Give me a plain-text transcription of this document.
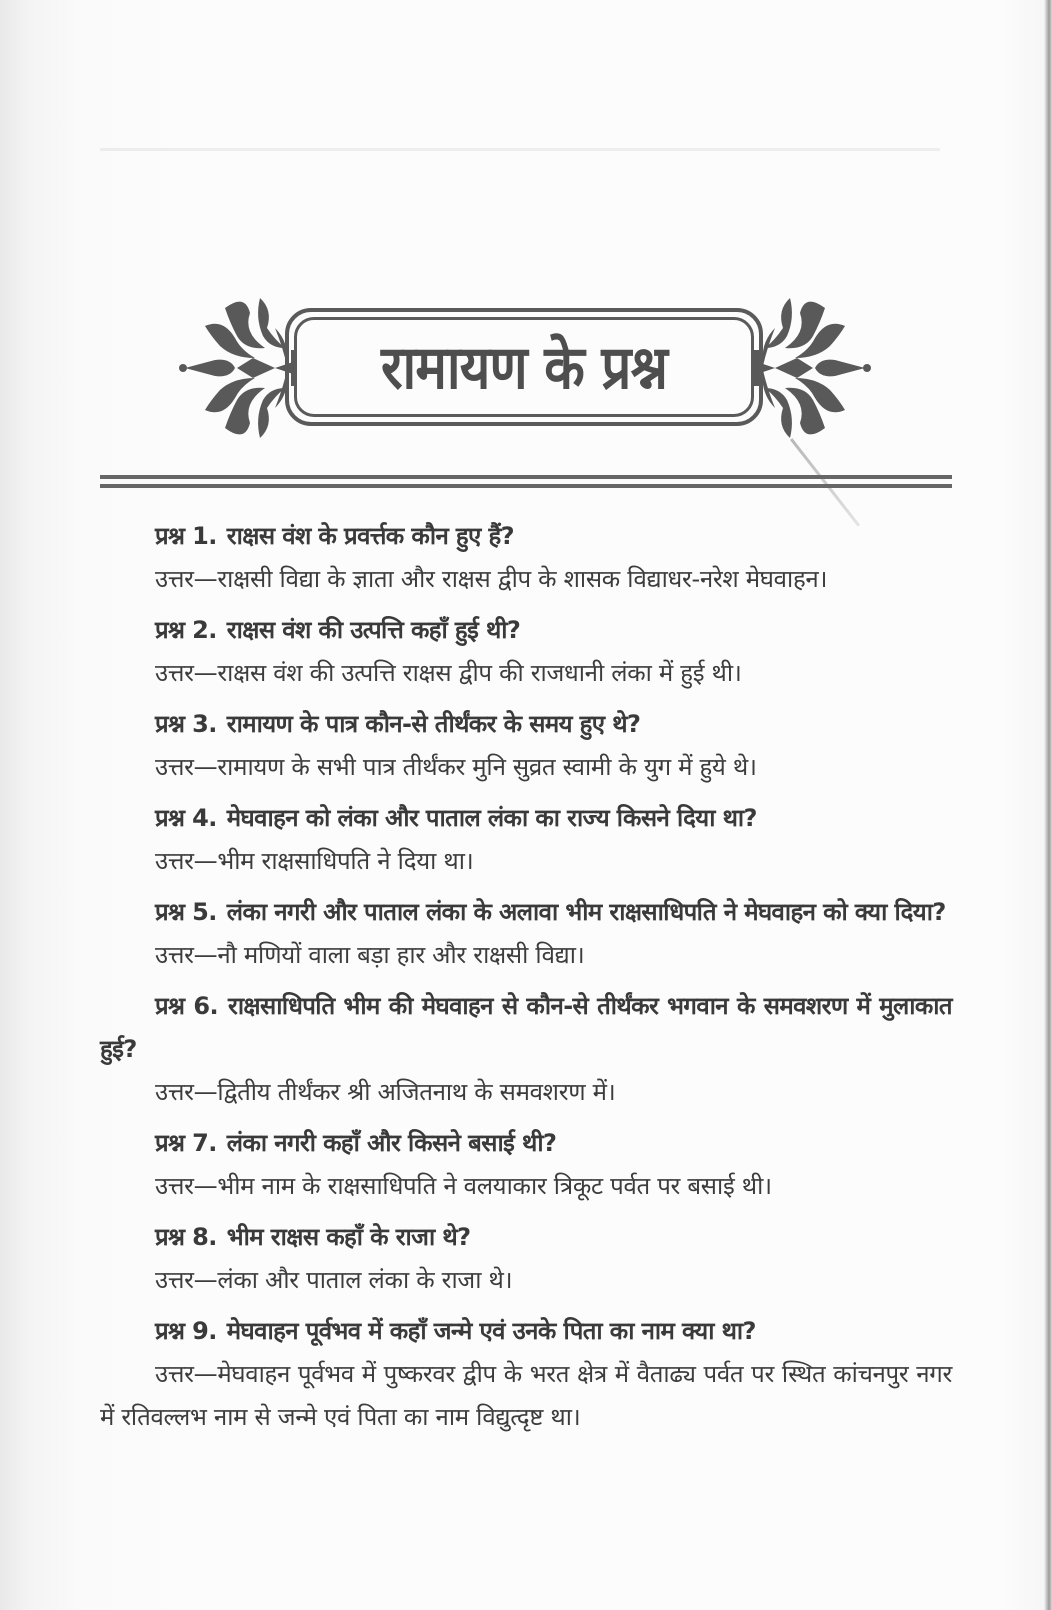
रामायण के प्रश्न

प्रश्न 1. राक्षस वंश के प्रवर्त्तक कौन हुए हैं?

उत्तर—राक्षसी विद्या के ज्ञाता और राक्षस द्वीप के शासक विद्याधर-नरेश मेघवाहन।

प्रश्न 2. राक्षस वंश की उत्पत्ति कहाँ हुई थी?

उत्तर—राक्षस वंश की उत्पत्ति राक्षस द्वीप की राजधानी लंका में हुई थी।

प्रश्न 3. रामायण के पात्र कौन-से तीर्थंकर के समय हुए थे?

उत्तर—रामायण के सभी पात्र तीर्थंकर मुनि सुव्रत स्वामी के युग में हुये थे।

प्रश्न 4. मेघवाहन को लंका और पाताल लंका का राज्य किसने दिया था?

उत्तर—भीम राक्षसाधिपति ने दिया था।

प्रश्न 5. लंका नगरी और पाताल लंका के अलावा भीम राक्षसाधिपति ने मेघवाहन को क्या दिया?

उत्तर—नौ मणियों वाला बड़ा हार और राक्षसी विद्या।

प्रश्न 6. राक्षसाधिपति भीम की मेघवाहन से कौन-से तीर्थंकर भगवान के समवशरण में मुलाकात हुई?

उत्तर—द्वितीय तीर्थंकर श्री अजितनाथ के समवशरण में।

प्रश्न 7. लंका नगरी कहाँ और किसने बसाई थी?

उत्तर—भीम नाम के राक्षसाधिपति ने वलयाकार त्रिकूट पर्वत पर बसाई थी।

प्रश्न 8. भीम राक्षस कहाँ के राजा थे?

उत्तर—लंका और पाताल लंका के राजा थे।

प्रश्न 9. मेघवाहन पूर्वभव में कहाँ जन्मे एवं उनके पिता का नाम क्या था?

उत्तर—मेघवाहन पूर्वभव में पुष्करवर द्वीप के भरत क्षेत्र में वैताढ्य पर्वत पर स्थित कांचनपुर नगर में रतिवल्लभ नाम से जन्मे एवं पिता का नाम विद्युत्दृष्ट था।
